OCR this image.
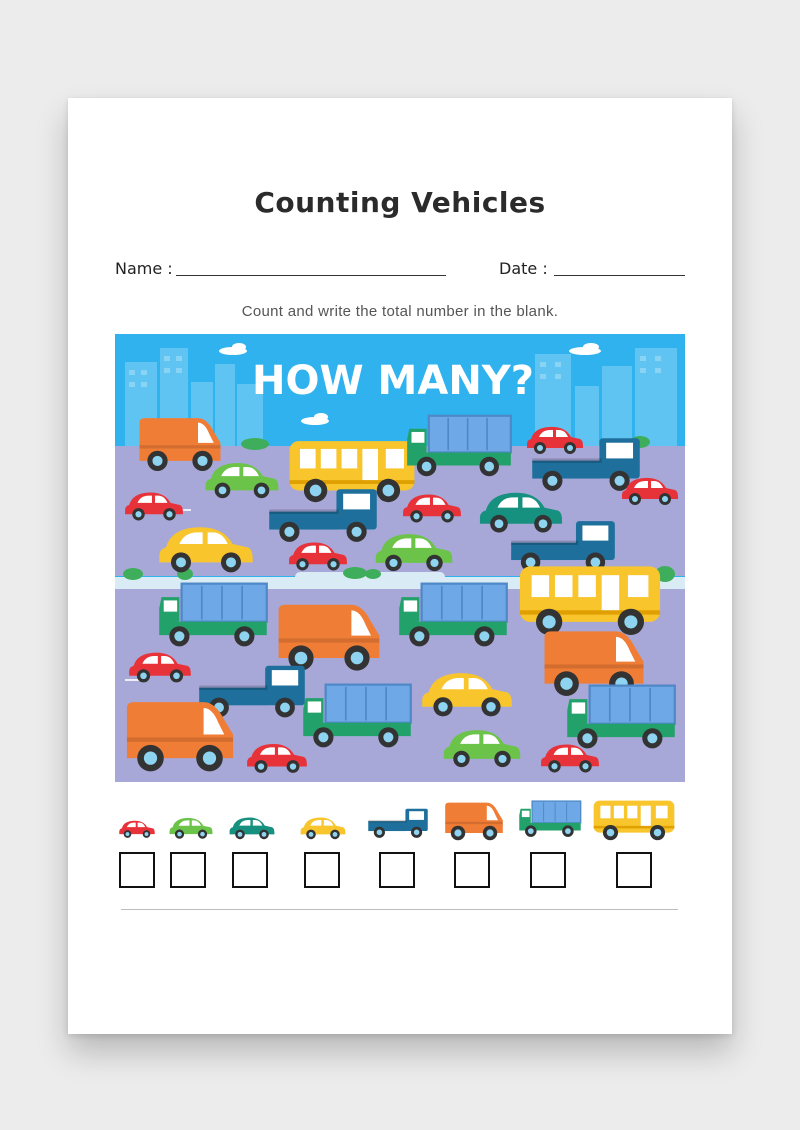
Counting Vehicles
Name :	Date :
Count and write the total number in the blank.
HOW MANY?
